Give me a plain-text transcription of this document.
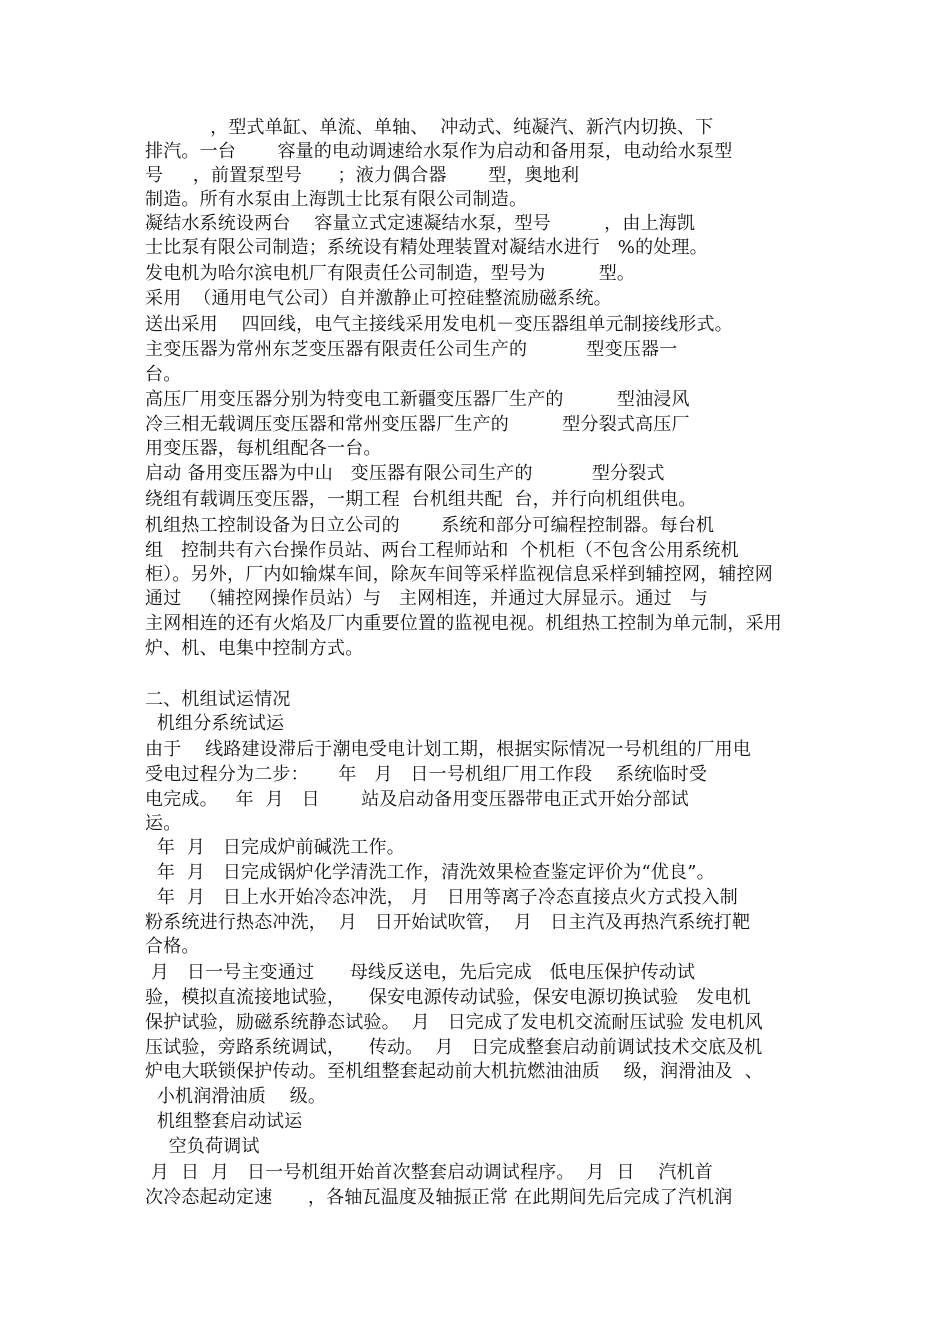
，型式单缸、单流、单轴、  冲动式、纯凝汽、新汽内切换、下
排汽。一台       容量的电动调速给水泵作为启动和备用泵，电动给水泵型
号     ，前置泵型号      ；液力偶合器       型，奥地利
制造。所有水泵由上海凯士比泵有限公司制造。
凝结水系统设两台    容量立式定速凝结水泵，型号         ，由上海凯
士比泵有限公司制造；系统设有精处理装置对凝结水进行   %的处理。
发电机为哈尔滨电机厂有限责任公司制造，型号为         型。
采用  （通用电气公司）自并激静止可控硅整流励磁系统。
送出采用    四回线，电气主接线采用发电机－变压器组单元制接线形式。
主变压器为常州东芝变压器有限责任公司生产的          型变压器一
台。
高压厂用变压器分别为特变电工新疆变压器厂生产的         型油浸风
冷三相无载调压变压器和常州变压器厂生产的         型分裂式高压厂
用变压器，每机组配各一台。
启动 备用变压器为中山   变压器有限公司生产的          型分裂式
绕组有载调压变压器，一期工程  台机组共配  台，并行向机组供电。
机组热工控制设备为日立公司的       系统和部分可编程控制器。每台机
组   控制共有六台操作员站、两台工程师站和  个机柜（不包含公用系统机
柜）。另外，厂内如输煤车间，除灰车间等采样监视信息采样到辅控网，辅控网
通过   （辅控网操作员站）与   主网相连，并通过大屏显示。通过   与
主网相连的还有火焰及厂内重要位置的监视电视。机组热工控制为单元制，采用
炉、机、电集中控制方式。
二、机组试运情况
机组分系统试运
由于    线路建设滞后于潮电受电计划工期，根据实际情况一号机组的厂用电
受电过程分为二步：     年   月   日一号机组厂用工作段    系统临时受
电完成。   年  月   日       站及启动备用变压器带电正式开始分部试
运。
年  月   日完成炉前碱洗工作。
年  月   日完成锅炉化学清洗工作，清洗效果检查鉴定评价为“优良”。
年  月   日上水开始冷态冲洗， 月   日用等离子冷态直接点火方式投入制
粉系统进行热态冲洗，  月   日开始试吹管，  月   日主汽及再热汽系统打靶
合格。
月   日一号主变通过      母线反送电，先后完成   低电压保护传动试
验，模拟直流接地试验，    保安电源传动试验，保安电源切换试验   发电机
保护试验，励磁系统静态试验。  月   日完成了发电机交流耐压试验 发电机风
压试验，旁路系统调试，    传动。  月   日完成整套启动前调试技术交底及机
炉电大联锁保护传动。至机组整套起动前大机抗燃油油质    级，润滑油及  、
小机润滑油质    级。
机组整套启动试运
空负荷调试
月  日  月   日一号机组开始首次整套启动调试程序。  月  日    汽机首
次冷态起动定速      ，各轴瓦温度及轴振正常 在此期间先后完成了汽机润
